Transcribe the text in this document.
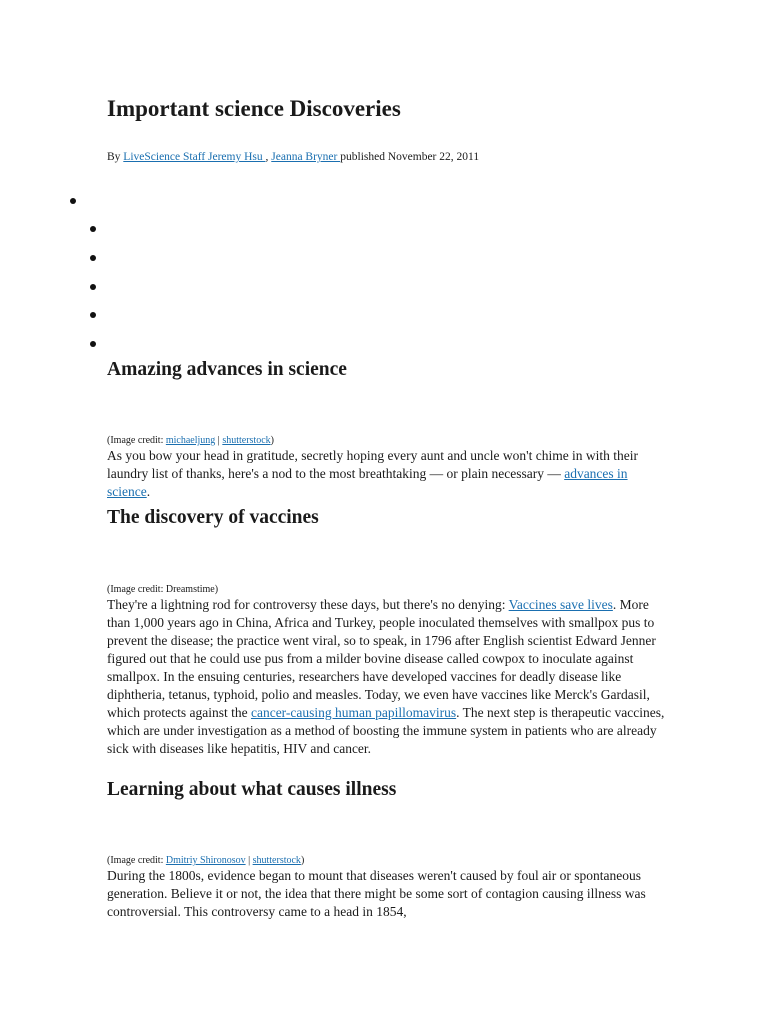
Important science Discoveries
By LiveScience Staff Jeremy Hsu , Jeanna Bryner published November 22, 2011
Amazing advances in science
(Image credit: michaeljung | shutterstock)

As you bow your head in gratitude, secretly hoping every aunt and uncle won't chime in with their laundry list of thanks, here's a nod to the most breathtaking — or plain necessary — advances in science.

The discovery of vaccines
(Image credit: Dreamstime)

They're a lightning rod for controversy these days, but there's no denying: Vaccines save lives. More than 1,000 years ago in China, Africa and Turkey, people inoculated themselves with smallpox pus to prevent the disease; the practice went viral, so to speak, in 1796 after English scientist Edward Jenner figured out that he could use pus from a milder bovine disease called cowpox to inoculate against smallpox. In the ensuing centuries, researchers have developed vaccines for deadly disease like diphtheria, tetanus, typhoid, polio and measles. Today, we even have vaccines like Merck's Gardasil, which protects against the cancer-causing human papillomavirus. The next step is therapeutic vaccines, which are under investigation as a method of boosting the immune system in patients who are already sick with diseases like hepatitis, HIV and cancer.

Learning about what causes illness
(Image credit: Dmitriy Shironosov | shutterstock)

During the 1800s, evidence began to mount that diseases weren't caused by foul air or spontaneous generation. Believe it or not, the idea that there might be some sort of contagion causing illness was controversial. This controversy came to a head in 1854,
